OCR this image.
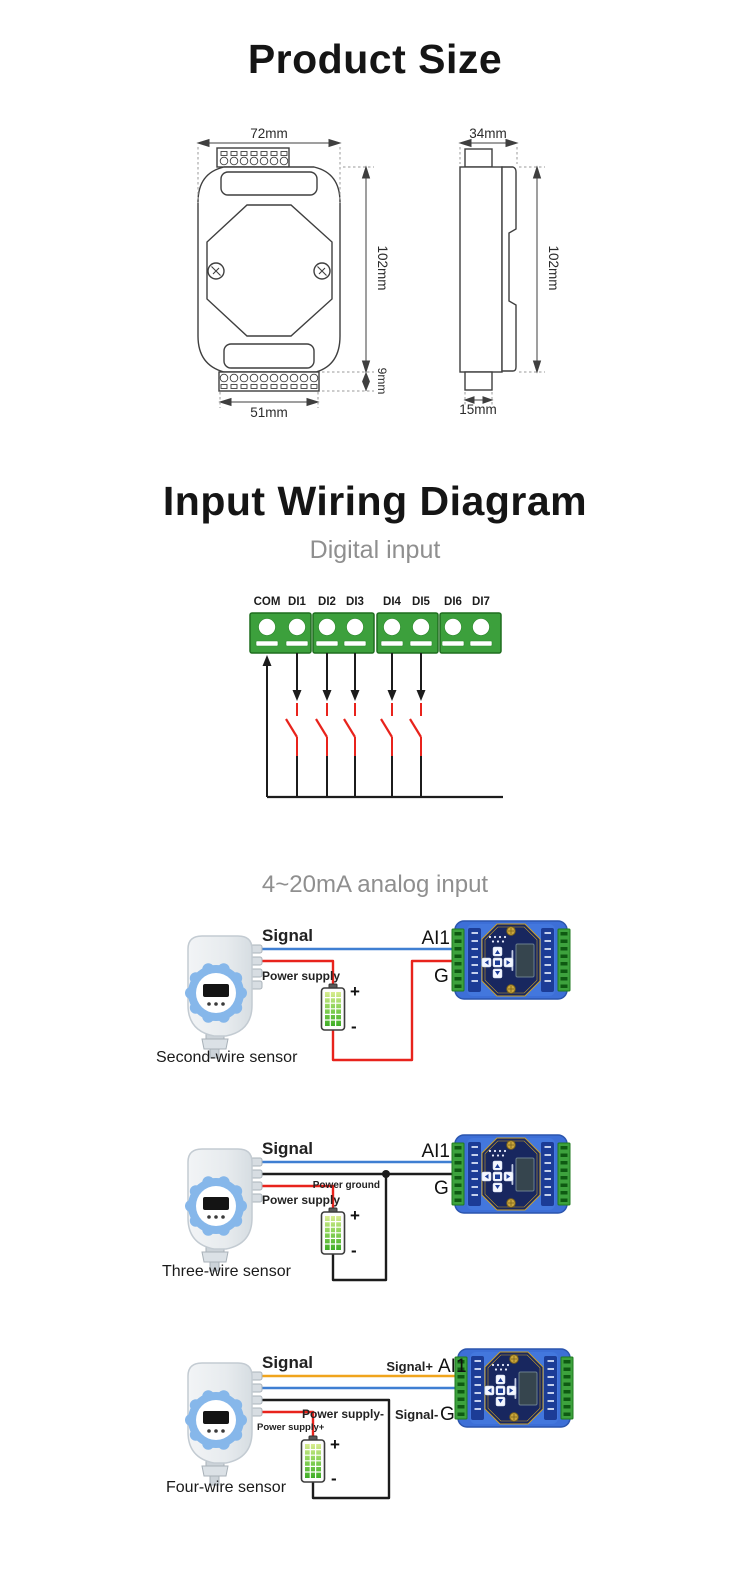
Product Size
72mm
102mm
9mm
51mm
34mm
102mm
15mm
Input Wiring Diagram

Digital input

COM DI1 DI2 DI3 DI4 DI5 DI6 DI7

4~20mA analog input

Signal	AI1
G
Power supply
+
-
Second-wire sensor
Signal	AI1
Power ground	G
Power supply
+
-
Three-wire sensor
Signal	Signal+ AI1
Power supply- Signal- G
Power supply+
+
-
Four-wire sensor
